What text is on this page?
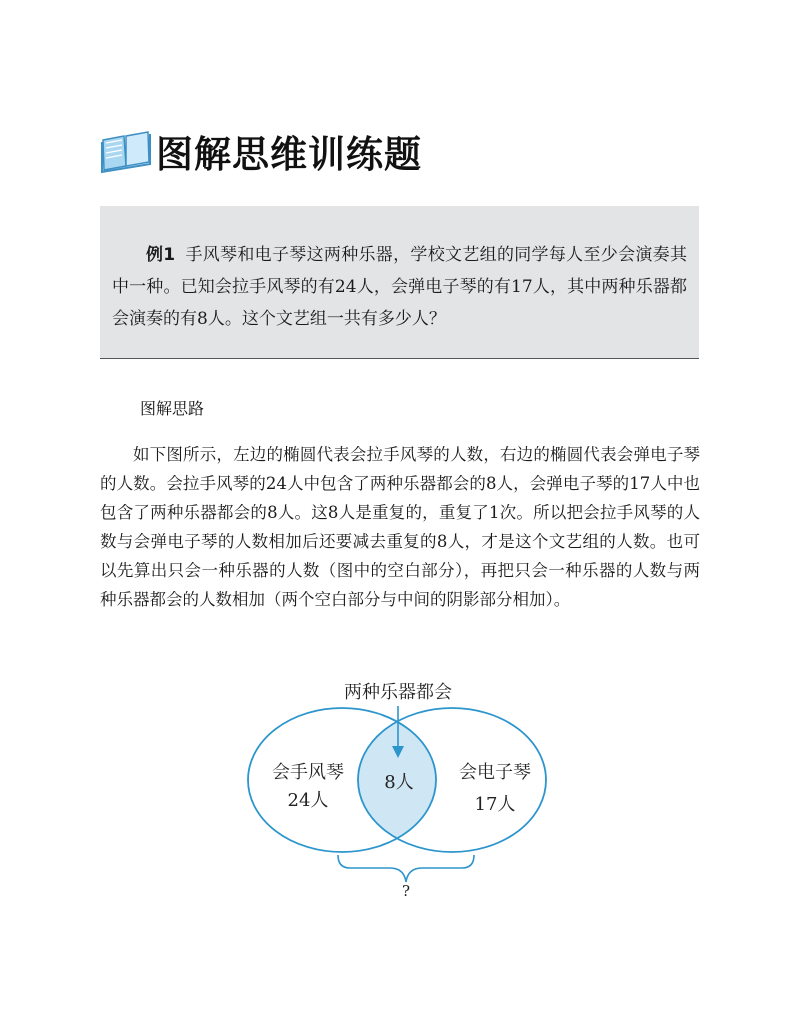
图解思维训练题

例1 手风琴和电子琴这两种乐器，学校文艺组的同学每人至少会演奏其中一种。已知会拉手风琴的有24人，会弹电子琴的有17人，其中两种乐器都会演奏的有8人。这个文艺组一共有多少人？

图解思路

如下图所示，左边的椭圆代表会拉手风琴的人数，右边的椭圆代表会弹电子琴的人数。会拉手风琴的24人中包含了两种乐器都会的8人，会弹电子琴的17人中也包含了两种乐器都会的8人。这8人是重复的，重复了1次。所以把会拉手风琴的人数与会弹电子琴的人数相加后还要减去重复的8人，才是这个文艺组的人数。也可以先算出只会一种乐器的人数（图中的空白部分），再把只会一种乐器的人数与两种乐器都会的人数相加（两个空白部分与中间的阴影部分相加）。

两种乐器都会
会手风琴
24人
8人	会电子琴
17人
?
